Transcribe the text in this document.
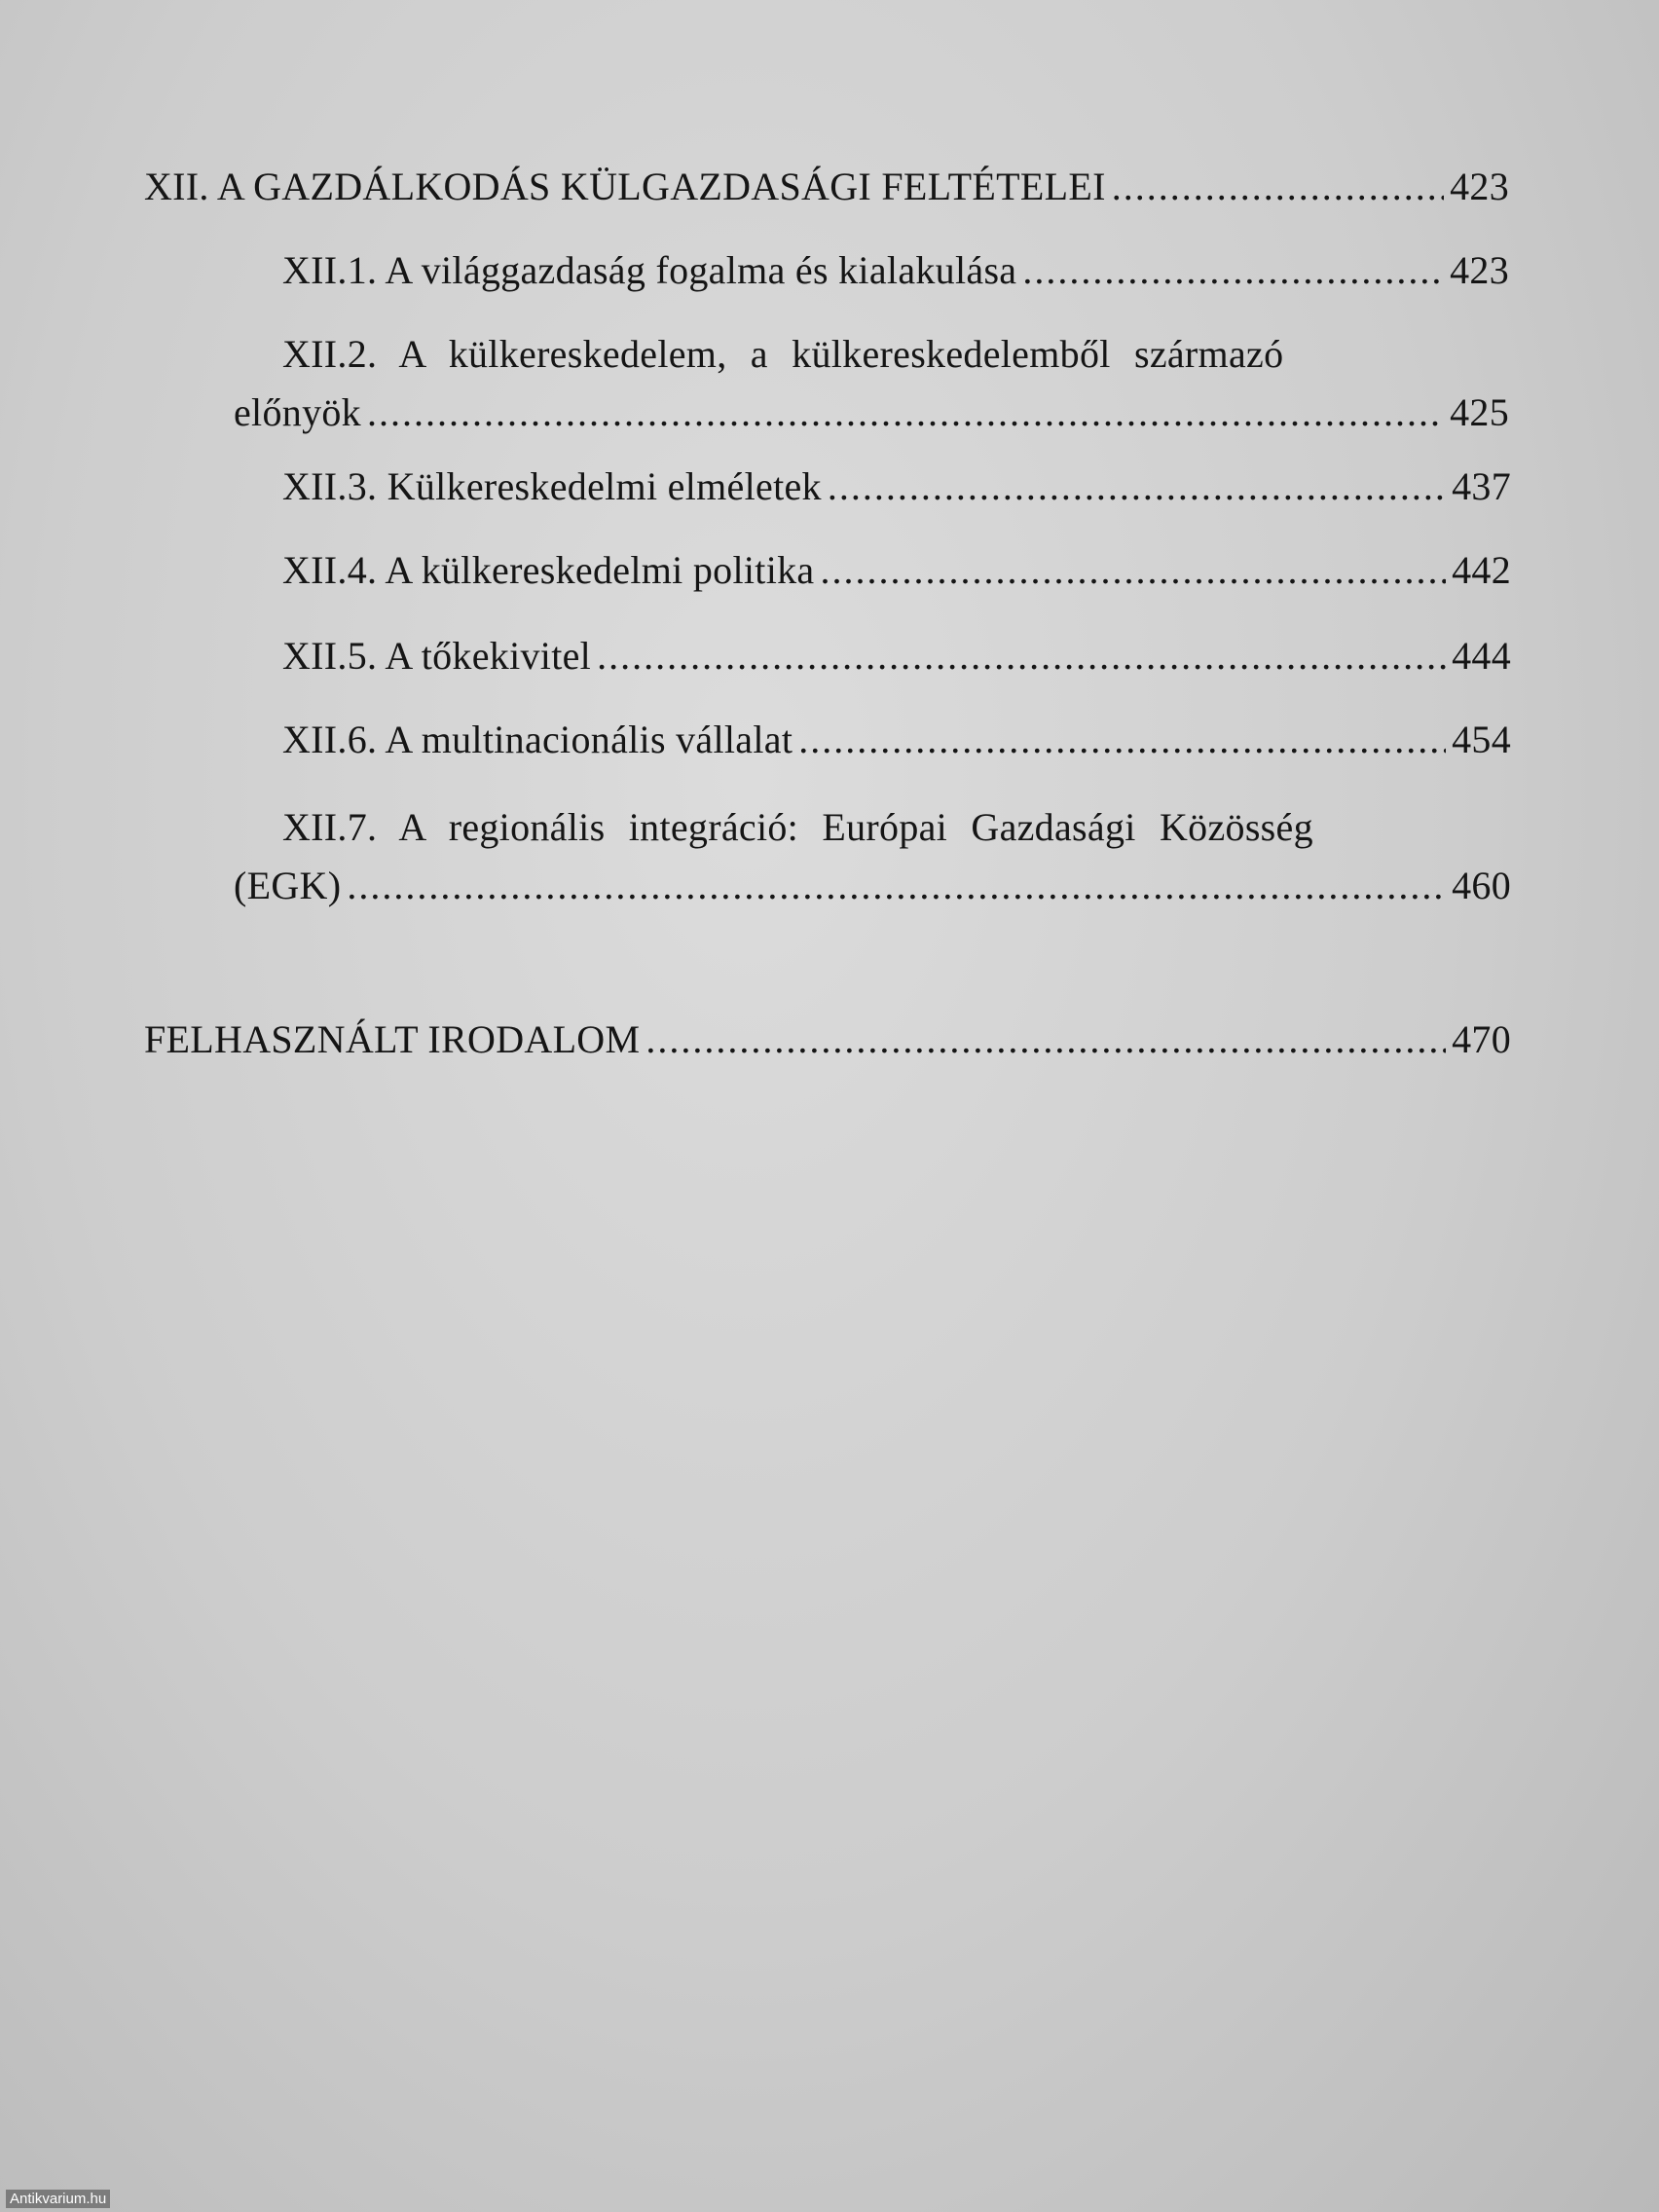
XII. A GAZDÁLKODÁS KÜLGAZDASÁGI FELTÉTELEI .....	423
XII.1. A világgazdaság fogalma és kialakulása .....	423
XII.2. A külkereskedelem, a külkereskedelemből származó
előnyök .....	425
XII.3. Külkereskedelmi elméletek .....	437
XII.4. A külkereskedelmi politika .....	442
XII.5. A tőkekivitel .....	444
XII.6. A multinacionális vállalat .....	454
XII.7. A regionális integráció: Európai Gazdasági Közösség
(EGK) .....	460
FELHASZNÁLT IRODALOM .....	470
Antikvarium.hu
